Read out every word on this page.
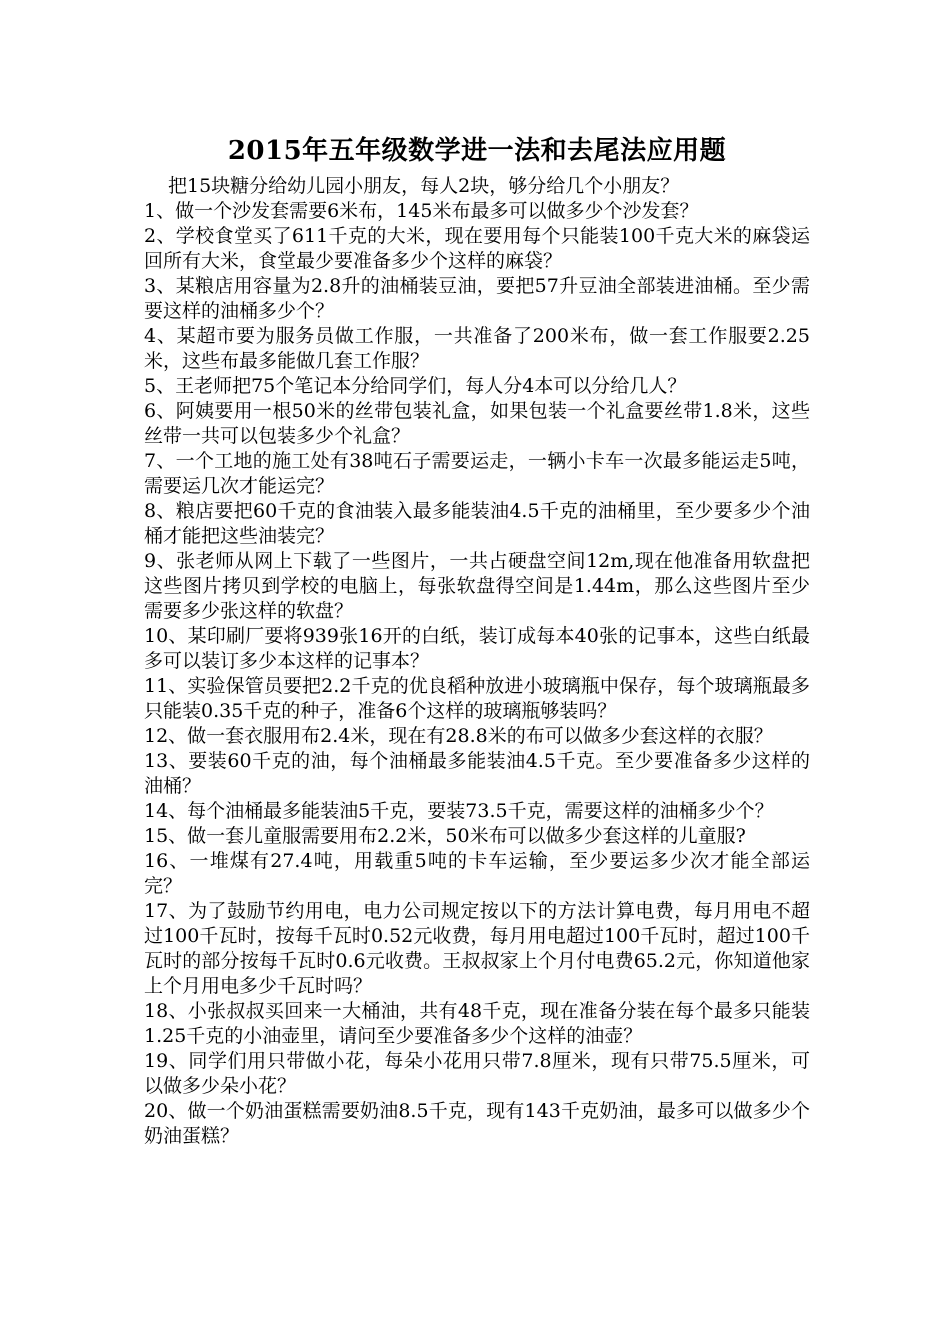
2015年五年级数学进一法和去尾法应用题

把15块糖分给幼儿园小朋友，每人2块，够分给几个小朋友？

1、做一个沙发套需要6米布，145米布最多可以做多少个沙发套？

2、学校食堂买了611千克的大米，现在要用每个只能装100千克大米的麻袋运回所有大米，食堂最少要准备多少个这样的麻袋？

3、某粮店用容量为2.8升的油桶装豆油，要把57升豆油全部装进油桶。至少需要这样的油桶多少个？

4、某超市要为服务员做工作服，一共准备了200米布，做一套工作服要2.25米，这些布最多能做几套工作服？

5、王老师把75个笔记本分给同学们，每人分4本可以分给几人？

6、阿姨要用一根50米的丝带包装礼盒，如果包装一个礼盒要丝带1.8米，这些丝带一共可以包装多少个礼盒？

7、一个工地的施工处有38吨石子需要运走，一辆小卡车一次最多能运走5吨，需要运几次才能运完？

8、粮店要把60千克的食油装入最多能装油4.5千克的油桶里，至少要多少个油桶才能把这些油装完？

9、张老师从网上下载了一些图片，一共占硬盘空间12m,现在他准备用软盘把这些图片拷贝到学校的电脑上，每张软盘得空间是1.44m，那么这些图片至少需要多少张这样的软盘？

10、某印刷厂要将939张16开的白纸，装订成每本40张的记事本，这些白纸最多可以装订多少本这样的记事本？

11、实验保管员要把2.2千克的优良稻种放进小玻璃瓶中保存，每个玻璃瓶最多只能装0.35千克的种子，准备6个这样的玻璃瓶够装吗？

12、做一套衣服用布2.4米，现在有28.8米的布可以做多少套这样的衣服？

13、要装60千克的油，每个油桶最多能装油4.5千克。至少要准备多少这样的油桶？

14、每个油桶最多能装油5千克，要装73.5千克，需要这样的油桶多少个？

15、做一套儿童服需要用布2.2米，50米布可以做多少套这样的儿童服?

16、一堆煤有27.4吨，用载重5吨的卡车运输，至少要运多少次才能全部运完？

17、为了鼓励节约用电，电力公司规定按以下的方法计算电费，每月用电不超过100千瓦时，按每千瓦时0.52元收费，每月用电超过100千瓦时，超过100千瓦时的部分按每千瓦时0.6元收费。王叔叔家上个月付电费65.2元，你知道他家上个月用电多少千瓦时吗？

18、小张叔叔买回来一大桶油，共有48千克，现在准备分装在每个最多只能装1.25千克的小油壶里，请问至少要准备多少个这样的油壶？

19、同学们用只带做小花，每朵小花用只带7.8厘米，现有只带75.5厘米，可以做多少朵小花？

20、做一个奶油蛋糕需要奶油8.5千克，现有143千克奶油，最多可以做多少个奶油蛋糕？
